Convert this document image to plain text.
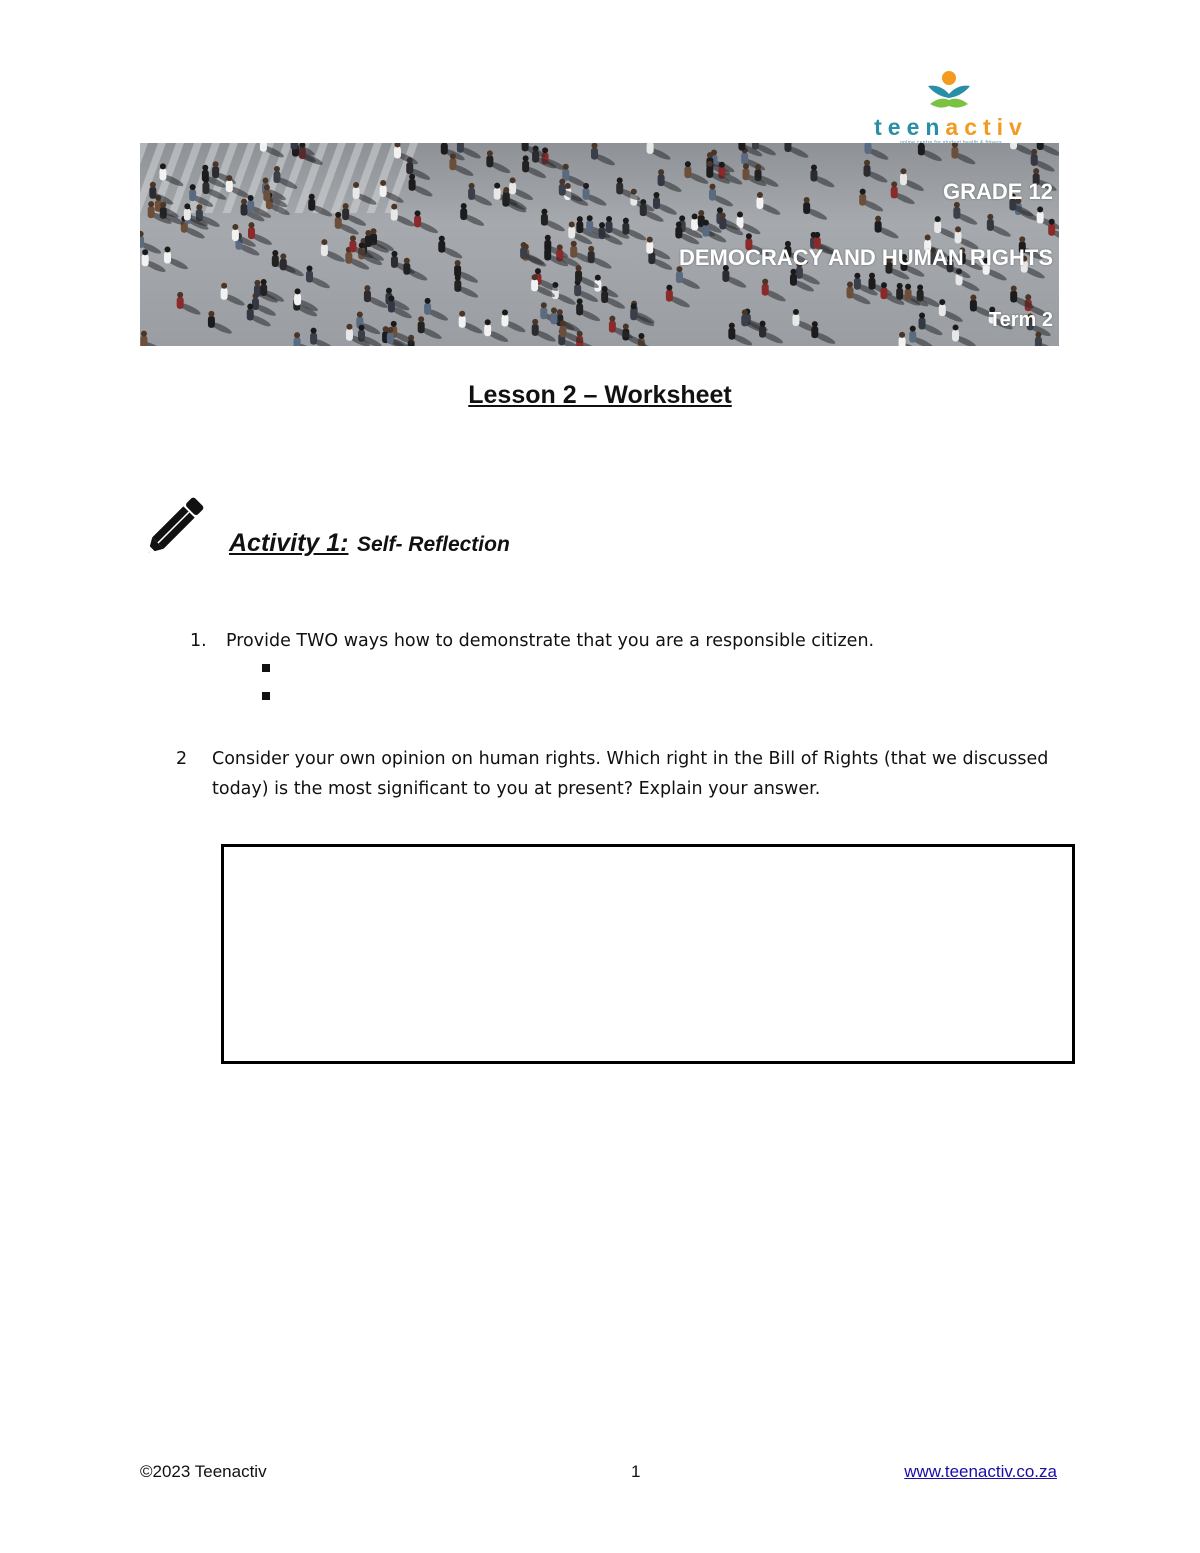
teenactiv
GRADE 12
DEMOCRACY AND HUMAN RIGHTS
Term 2
Lesson 2 – Worksheet
Activity 1: Self- Reflection
1. Provide TWO ways how to demonstrate that you are a responsible citizen.
2 Consider your own opinion on human rights. Which right in the Bill of Rights (that we discussed today) is the most significant to you at present? Explain your answer.
©2023 Teenactiv	1	www.teenactiv.co.za
